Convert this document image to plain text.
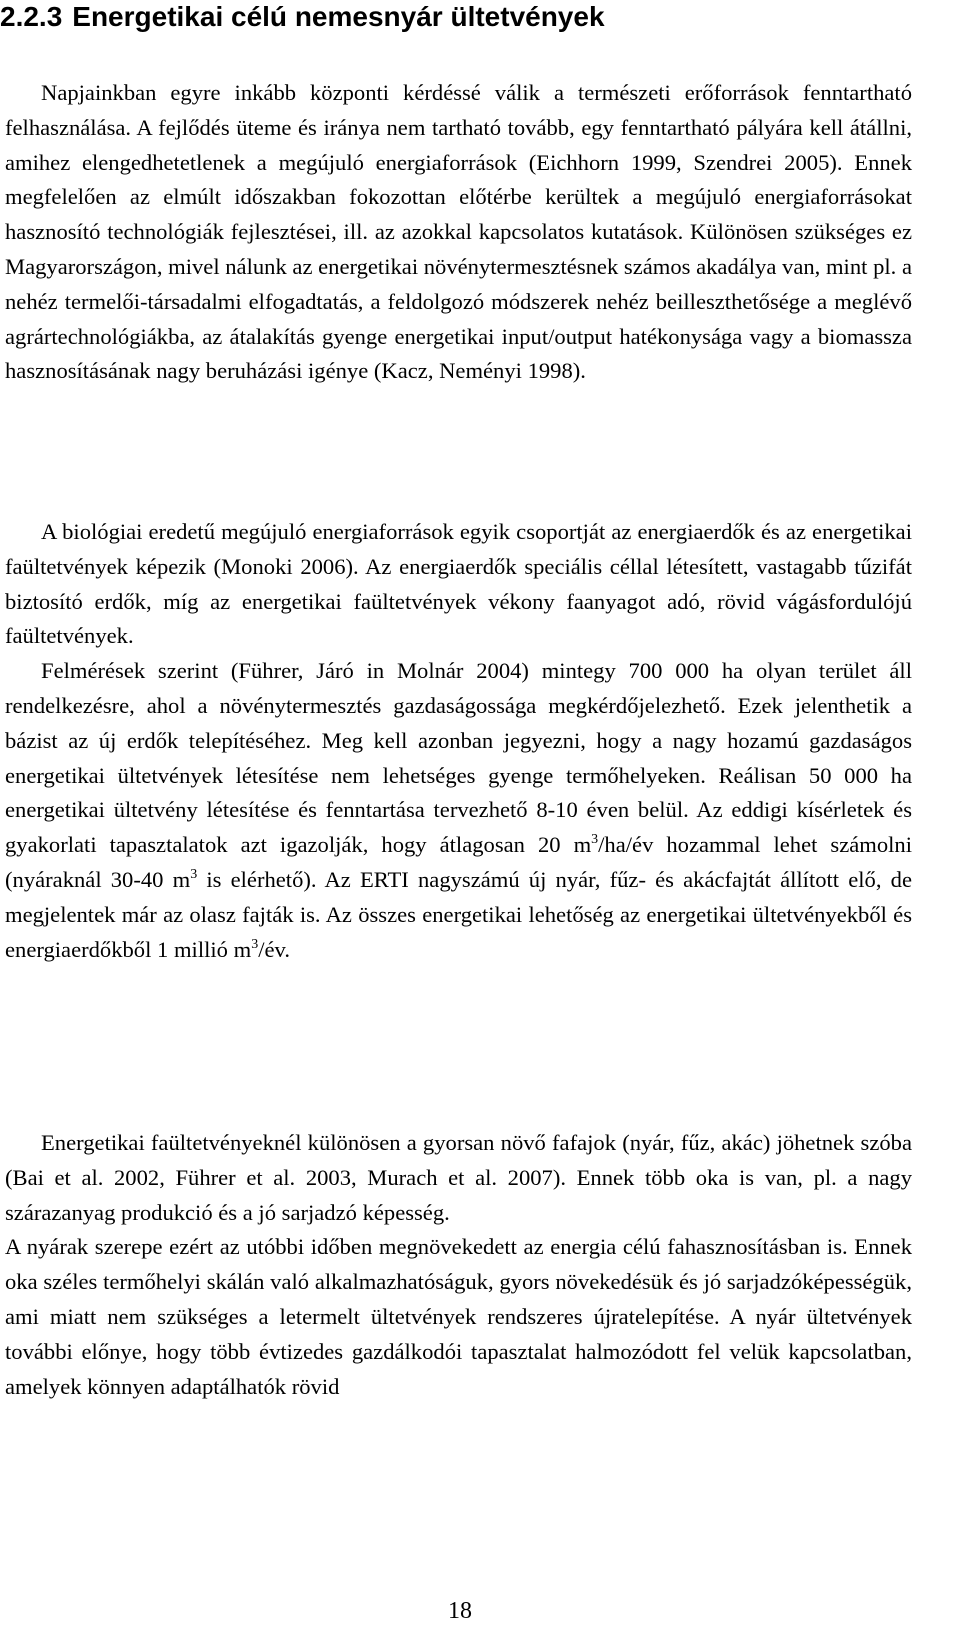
2.2.3 Energetikai célú nemesnyár ültetvények

Napjainkban egyre inkább központi kérdéssé válik a természeti erőforrások fenntartható felhasználása. A fejlődés üteme és iránya nem tartható tovább, egy fenntartható pályára kell átállni, amihez elengedhetetlenek a megújuló energiaforrások (Eichhorn 1999, Szendrei 2005). Ennek megfelelően az elmúlt időszakban fokozottan előtérbe kerültek a megújuló energiaforrásokat hasznosító technológiák fejlesztései, ill. az azokkal kapcsolatos kutatások. Különösen szükséges ez Magyarországon, mivel nálunk az energetikai növénytermesztésnek számos akadálya van, mint pl. a nehéz termelői-társadalmi elfogadtatás, a feldolgozó módszerek nehéz beilleszthetősége a meglévő agrártechnológiákba, az átalakítás gyenge energetikai input/output hatékonysága vagy a biomassza hasznosításának nagy beruházási igénye (Kacz, Neményi 1998).

A biológiai eredetű megújuló energiaforrások egyik csoportját az energiaerdők és az energetikai faültetvények képezik (Monoki 2006). Az energiaerdők speciális céllal létesített, vastagabb tűzifát biztosító erdők, míg az energetikai faültetvények vékony faanyagot adó, rövid vágásfordulójú faültetvények.

Felmérések szerint (Führer, Járó in Molnár 2004) mintegy 700 000 ha olyan terület áll rendelkezésre, ahol a növénytermesztés gazdaságossága megkérdőjelezhető. Ezek jelenthetik a bázist az új erdők telepítéséhez. Meg kell azonban jegyezni, hogy a nagy hozamú gazdaságos energetikai ültetvények létesítése nem lehetséges gyenge termőhelyeken. Reálisan 50 000 ha energetikai ültetvény létesítése és fenntartása tervezhető 8-10 éven belül. Az eddigi kísérletek és gyakorlati tapasztalatok azt igazolják, hogy átlagosan 20 $m^3/ha/év$ hozammal lehet számolni (nyáraknál 30-40 $m^3$ is elérhető). Az ERTI nagyszámú új nyár, fűz- és akácfajtát állított elő, de megjelentek már az olasz fajták is. Az összes energetikai lehetőség az energetikai ültetvényekből és energiaerdőkből 1 millió $m^3/év$.

Energetikai faültetvényeknél különösen a gyorsan növő fafajok (nyár, fűz, akác) jöhetnek szóba (Bai et al. 2002, Führer et al. 2003, Murach et al. 2007). Ennek több oka is van, pl. a nagy szárazanyag produkció és a jó sarjadzó képesség.

A nyárak szerepe ezért az utóbbi időben megnövekedett az energia célú fahasznosításban is. Ennek oka széles termőhelyi skálán való alkalmazhatóságuk, gyors növekedésük és jó sarjadzóképességük, ami miatt nem szükséges a letermelt ültetvények rendszeres újratelepítése. A nyár ültetvények további előnye, hogy több évtizedes gazdálkodói tapasztalat halmozódott fel velük kapcsolatban, amelyek könnyen adaptálhatók rövid

18
